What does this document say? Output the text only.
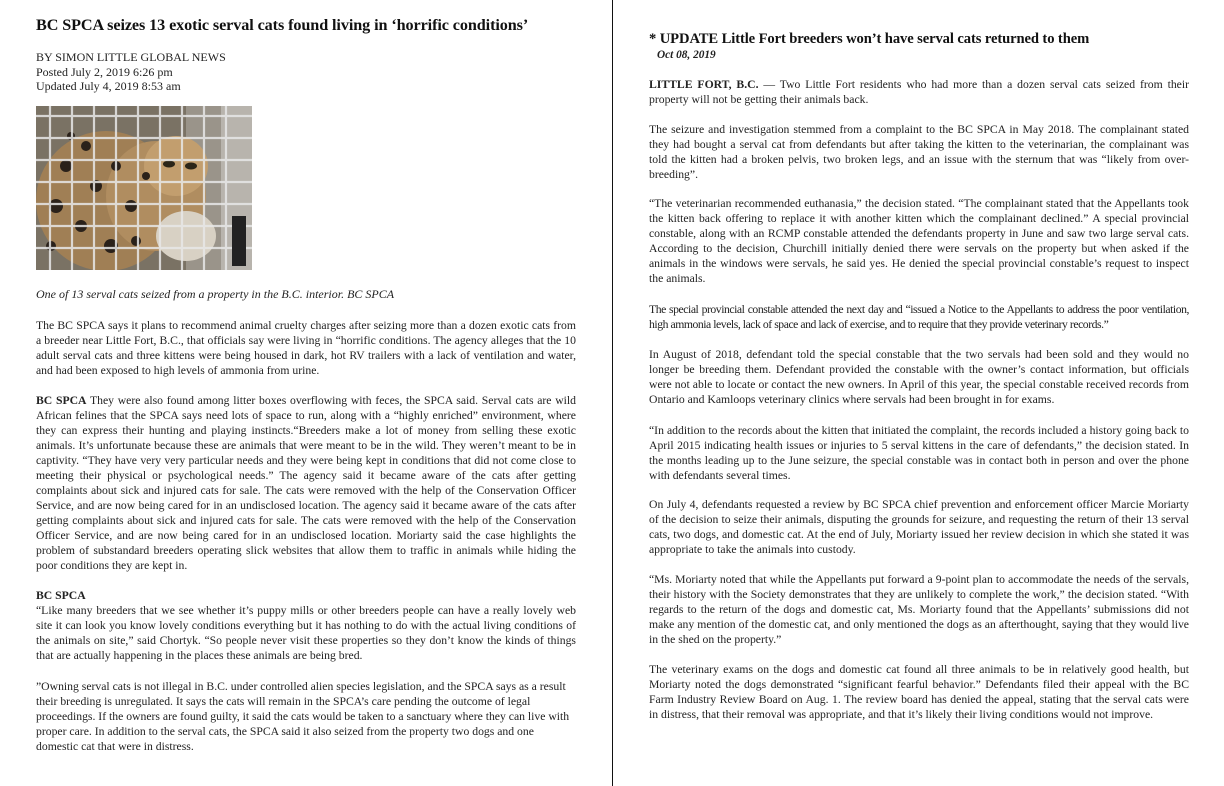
BC SPCA seizes 13 exotic serval cats found living in ‘horrific conditions’
BY SIMON LITTLE GLOBAL NEWS
Posted July 2, 2019 6:26 pm
Updated July 4, 2019 8:53 am
One of 13 serval cats seized from a property in the B.C. interior. BC SPCA

The BC SPCA says it plans to recommend animal cruelty charges after seizing more than a dozen exotic cats from a breeder near Little Fort, B.C., that officials say were living in “horrific conditions. The agency alleges that the 10 adult serval cats and three kittens were being housed in dark, hot RV trailers with a lack of ventilation and water, and had been exposed to high levels of ammonia from urine.

BC SPCA They were also found among litter boxes overflowing with feces, the SPCA said. Serval cats are wild African felines that the SPCA says need lots of space to run, along with a “highly enriched” environment, where they can express their hunting and playing instincts.“Breeders make a lot of money from selling these exotic animals. It’s unfortunate because these are animals that were meant to be in the wild. They weren’t meant to be in captivity. “They have very very particular needs and they were being kept in conditions that did not come close to meeting their physical or psychological needs.” The agency said it became aware of the cats after getting complaints about sick and injured cats for sale. The cats were removed with the help of the Conservation Officer Service, and are now being cared for in an undisclosed location. The agency said it became aware of the cats after getting complaints about sick and injured cats for sale. The cats were removed with the help of the Conservation Officer Service, and are now being cared for in an undisclosed location. Moriarty said the case highlights the problem of substandard breeders operating slick websites that allow them to traffic in animals while hiding the poor conditions they are kept in.

BC SPCA
“Like many breeders that we see whether it’s puppy mills or other breeders people can have a really lovely web site it can look you know lovely conditions everything but it has nothing to do with the actual living conditions of the animals on site,” said Chortyk. “So people never visit these properties so they don’t know the kinds of things that are actually happening in the places these animals are being bred.

”Owning serval cats is not illegal in B.C. under controlled alien species legislation, and the SPCA says as a result their breeding is unregulated. It says the cats will remain in the SPCA’s care pending the outcome of legal proceedings. If the owners are found guilty, it said the cats would be taken to a sanctuary where they can live with proper care. In addition to the serval cats, the SPCA said it also seized from the property two dogs and one domestic cat that were in distress.

* UPDATE Little Fort breeders won’t have serval cats returned to them
Oct 08, 2019

LITTLE FORT, B.C. — Two Little Fort residents who had more than a dozen serval cats seized from their property will not be getting their animals back.

The seizure and investigation stemmed from a complaint to the BC SPCA in May 2018. The complainant stated they had bought a serval cat from defendants but after taking the kitten to the veterinarian, the complainant was told the kitten had a broken pelvis, two broken legs, and an issue with the sternum that was “likely from over-breeding”.

“The veterinarian recommended euthanasia,” the decision stated. “The complainant stated that the Appellants took the kitten back offering to replace it with another kitten which the complainant declined.” A special provincial constable, along with an RCMP constable attended the defendants property in June and saw two large serval cats. According to the decision, Churchill initially denied there were servals on the property but when asked if the animals in the windows were servals, he said yes. He denied the special provincial constable’s request to inspect the animals.

The special provincial constable attended the next day and “issued a Notice to the Appellants to address the poor ventilation, high ammonia levels, lack of space and lack of exercise, and to require that they provide veterinary records.”

In August of 2018, defendant told the special constable that the two servals had been sold and they would no longer be breeding them. Defendant provided the constable with the owner’s contact information, but officials were not able to locate or contact the new owners. In April of this year, the special constable received records from Ontario and Kamloops veterinary clinics where servals had been brought in for exams.

“In addition to the records about the kitten that initiated the complaint, the records included a history going back to April 2015 indicating health issues or injuries to 5 serval kittens in the care of defendants,” the decision stated. In the months leading up to the June seizure, the special constable was in contact both in person and over the phone with defendants several times.

On July 4, defendants requested a review by BC SPCA chief prevention and enforcement officer Marcie Moriarty of the decision to seize their animals, disputing the grounds for seizure, and requesting the return of their 13 serval cats, two dogs, and domestic cat. At the end of July, Moriarty issued her review decision in which she stated it was appropriate to take the animals into custody.

“Ms. Moriarty noted that while the Appellants put forward a 9-point plan to accommodate the needs of the servals, their history with the Society demonstrates that they are unlikely to complete the work,” the decision stated. “With regards to the return of the dogs and domestic cat, Ms. Moriarty found that the Appellants’ submissions did not make any mention of the domestic cat, and only mentioned the dogs as an afterthought, saying that they would live in the shed on the property.”

The veterinary exams on the dogs and domestic cat found all three animals to be in relatively good health, but Moriarty noted the dogs demonstrated “significant fearful behavior.” Defendants filed their appeal with the BC Farm Industry Review Board on Aug. 1. The review board has denied the appeal, stating that the serval cats were in distress, that their removal was appropriate, and that it’s likely their living conditions would not improve.
